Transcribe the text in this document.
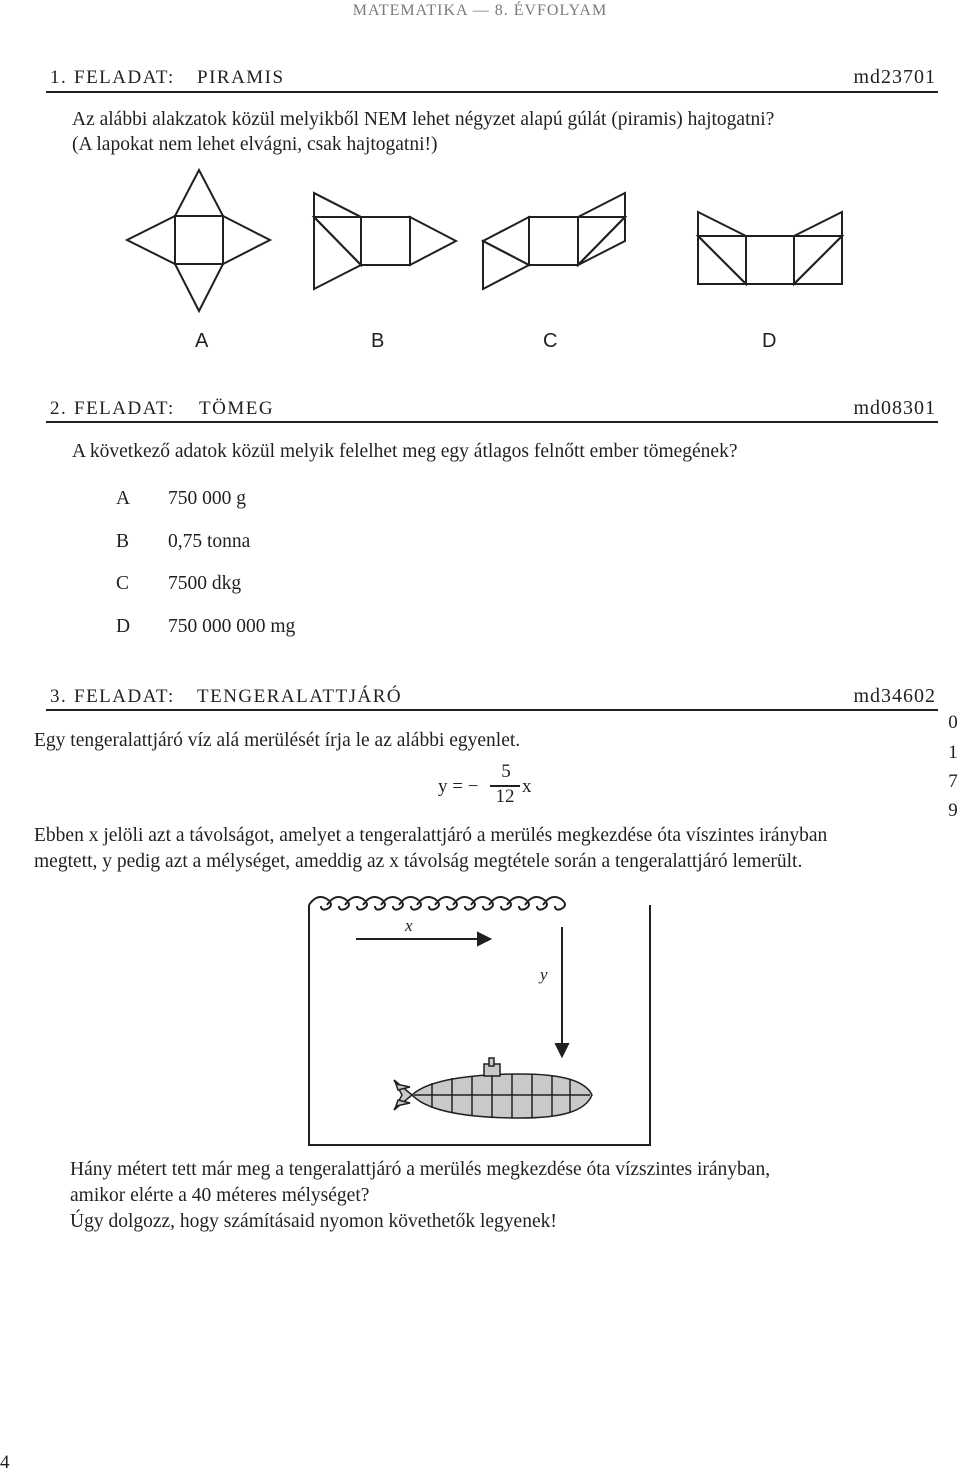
MATEMATIKA — 8. ÉVFOLYAM
1. FELADAT: PIRAMIS	md23701
Az alábbi alakzatok közül melyikből NEM lehet négyzet alapú gúlát (piramis) hajtogatni?
(A lapokat nem lehet elvágni, csak hajtogatni!)
A	B	C	D
2. FELADAT: TÖMEG	md08301
A következő adatok közül melyik felelhet meg egy átlagos felnőtt ember tömegének?
A 750 000 g
B 0,75 tonna
C 7500 dkg
D 750 000 000 mg
3. FELADAT: TENGERALATTJÁRÓ	md34602
Egy tengeralattjáró víz alá merülését írja le az alábbi egyenlet.
y = −
5
12 x
Ebben x jelöli azt a távolságot, amelyet a tengeralattjáró a merülés megkezdése óta víszintes irányban
megtett, y pedig azt a mélységet, ameddig az x távolság megtétele során a tengeralattjáró lemerült.
x
y
Hány métert tett már meg a tengeralattjáró a merülés megkezdése óta vízszintes irányban,
amikor elérte a 40 méteres mélységet?
Úgy dolgozz, hogy számításaid nyomon követhetők legyenek!
0
1
7
9
4
